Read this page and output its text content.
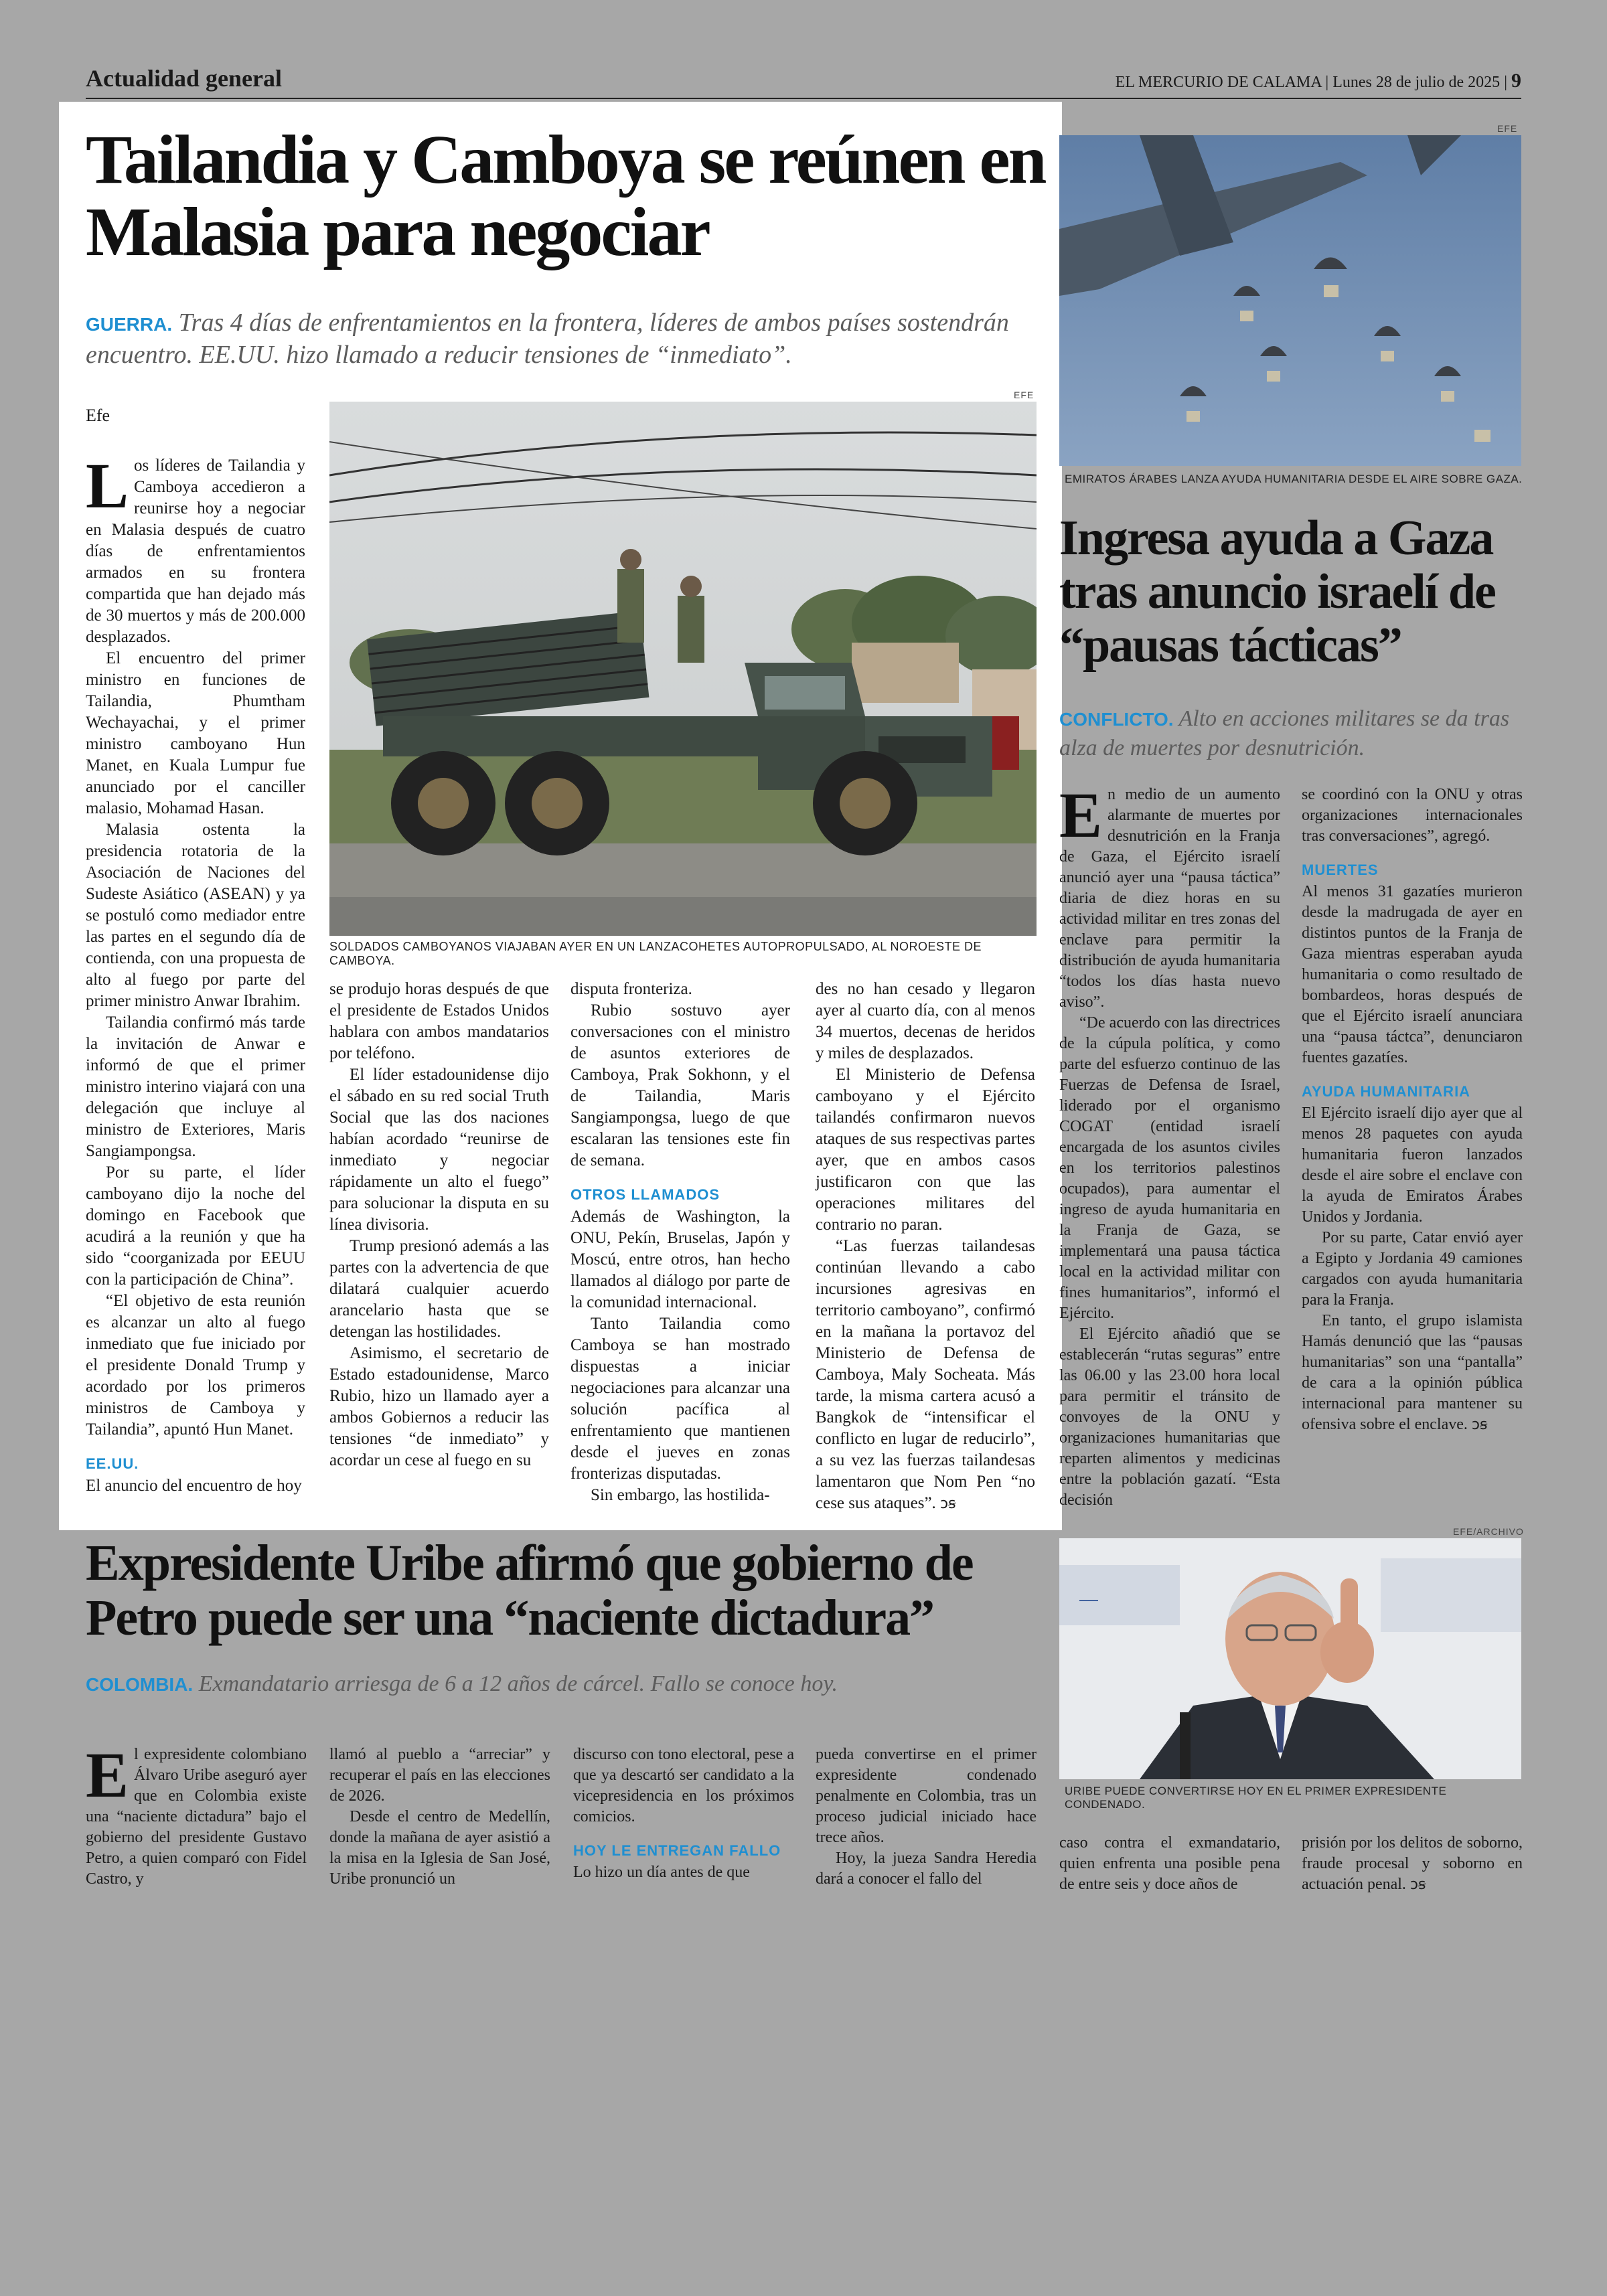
Actualidad general	EL MERCURIO DE CALAMA | Lunes 28 de julio de 2025 | 9
Tailandia y Camboya se reúnen en Malasia para negociar

GUERRA. Tras 4 días de enfrentamientos en la frontera, líderes de ambos países sostendrán encuentro. EE.UU. hizo llamado a reducir tensiones de “inmediato”.

Efe
EFE
SOLDADOS CAMBOYANOS VIAJABAN AYER EN UN LANZACOHETES AUTOPROPULSADO, AL NOROESTE DE CAMBOYA.

Los líderes de Tailandia y Camboya accedieron a reunirse hoy a negociar en Malasia después de cuatro días de enfrentamientos armados en su frontera compartida que han dejado más de 30 muertos y más de 200.000 desplazados.

El encuentro del primer ministro en funciones de Tailandia, Phumtham Wechayachai, y el primer ministro camboyano Hun Manet, en Kuala Lumpur fue anunciado por el canciller malasio, Mohamad Hasan.

Malasia ostenta la presidencia rotatoria de la Asociación de Naciones del Sudeste Asiático (ASEAN) y ya se postuló como mediador entre las partes en el segundo día de contienda, con una propuesta de alto al fuego por parte del primer ministro Anwar Ibrahim.

Tailandia confirmó más tarde la invitación de Anwar e informó de que el primer ministro interino viajará con una delegación que incluye al ministro de Exteriores, Maris Sangiampongsa.

Por su parte, el líder camboyano dijo la noche del domingo en Facebook que acudirá a la reunión y que ha sido “coorganizada por EEUU con la participación de China”.

“El objetivo de esta reunión es alcanzar un alto al fuego inmediato que fue iniciado por el presidente Donald Trump y acordado por los primeros ministros de Camboya y Tailandia”, apuntó Hun Manet.

EE.UU.

El anuncio del encuentro de hoy

se produjo horas después de que el presidente de Estados Unidos hablara con ambos mandatarios por teléfono.

El líder estadounidense dijo el sábado en su red social Truth Social que las dos naciones habían acordado “reunirse de inmediato y negociar rápidamente un alto el fuego” para solucionar la disputa en su línea divisoria.

Trump presionó además a las partes con la advertencia de que dilatará cualquier acuerdo arancelario hasta que se detengan las hostilidades.

Asimismo, el secretario de Estado estadounidense, Marco Rubio, hizo un llamado ayer a ambos Gobiernos a reducir las tensiones “de inmediato” y acordar un cese al fuego en su

disputa fronteriza.

Rubio sostuvo ayer conversaciones con el ministro de asuntos exteriores de Camboya, Prak Sokhonn, y el de Tailandia, Maris Sangiampongsa, luego de que escalaran las tensiones este fin de semana.

OTROS LLAMADOS

Además de Washington, la ONU, Pekín, Bruselas, Japón y Moscú, entre otros, han hecho llamados al diálogo por parte de la comunidad internacional.

Tanto Tailandia como Camboya se han mostrado dispuestas a iniciar negociaciones para alcanzar una solución pacífica al enfrentamiento que mantienen desde el jueves en zonas fronterizas disputadas.

Sin embargo, las hostilida-

des no han cesado y llegaron ayer al cuarto día, con al menos 34 muertos, decenas de heridos y miles de desplazados.

El Ministerio de Defensa camboyano y el Ejército tailandés confirmaron nuevos ataques de sus respectivas partes ayer, que en ambos casos justificaron con que las operaciones militares del contrario no paran.

“Las fuerzas tailandesas continúan llevando a cabo incursiones agresivas en territorio camboyano”, confirmó en la mañana la portavoz del Ministerio de Defensa de Camboya, Maly Socheata. Más tarde, la misma cartera acusó a Bangkok de “intensificar el conflicto en lugar de reducirlo”, a su vez las fuerzas tailandesas lamentaron que Nom Pen “no cese sus ataques”. ↄꞩ

EFE
EMIRATOS ÁRABES LANZA AYUDA HUMANITARIA DESDE EL AIRE SOBRE GAZA.
Ingresa ayuda a Gaza tras anuncio israelí de “pausas tácticas”

CONFLICTO. Alto en acciones militares se da tras alza de muertes por desnutrición.

En medio de un aumento alarmante de muertes por desnutrición en la Franja de Gaza, el Ejército israelí anunció ayer una “pausa táctica” diaria de diez horas en su actividad militar en tres zonas del enclave para permitir la distribución de ayuda humanitaria “todos los días hasta nuevo aviso”.

“De acuerdo con las directrices de la cúpula política, y como parte del esfuerzo continuo de las Fuerzas de Defensa de Israel, liderado por el organismo COGAT (entidad israelí encargada de los asuntos civiles en los territorios palestinos ocupados), para aumentar el ingreso de ayuda humanitaria en la Franja de Gaza, se implementará una pausa táctica local en la actividad militar con fines humanitarios”, informó el Ejército.

El Ejército añadió que se establecerán “rutas seguras” entre las 06.00 y las 23.00 hora local para permitir el tránsito de convoyes de la ONU y organizaciones humanitarias que reparten alimentos y medicinas entre la población gazatí. “Esta decisión

se coordinó con la ONU y otras organizaciones internacionales tras conversaciones”, agregó.

MUERTES

Al menos 31 gazatíes murieron desde la madrugada de ayer en distintos puntos de la Franja de Gaza mientras esperaban ayuda humanitaria o como resultado de bombardeos, horas después de que el Ejército israelí anunciara una “pausa táctca”, denunciaron fuentes gazatíes.

AYUDA HUMANITARIA

El Ejército israelí dijo ayer que al menos 28 paquetes con ayuda humanitaria fueron lanzados desde el aire sobre el enclave con la ayuda de Emiratos Árabes Unidos y Jordania.

Por su parte, Catar envió ayer a Egipto y Jordania 49 camiones cargados con ayuda humanitaria para la Franja.

En tanto, el grupo islamista Hamás denunció que las “pausas humanitarias” son una “pantalla” de cara a la opinión pública internacional para mantener su ofensiva sobre el enclave. ↄꞩ

Expresidente Uribe afirmó que gobierno de Petro puede ser una “naciente dictadura”

COLOMBIA. Exmandatario arriesga de 6 a 12 años de cárcel. Fallo se conoce hoy.

EFE/ARCHIVO
—
URIBE PUEDE CONVERTIRSE HOY EN EL PRIMER EXPRESIDENTE CONDENADO.

El expresidente colombiano Álvaro Uribe aseguró ayer que en Colombia existe una “naciente dictadura” bajo el gobierno del presidente Gustavo Petro, a quien comparó con Fidel Castro, y

llamó al pueblo a “arreciar” y recuperar el país en las elecciones de 2026.

Desde el centro de Medellín, donde la mañana de ayer asistió a la misa en la Iglesia de San José, Uribe pronunció un

discurso con tono electoral, pese a que ya descartó ser candidato a la vicepresidencia en los próximos comicios.

HOY LE ENTREGAN FALLO

Lo hizo un día antes de que

pueda convertirse en el primer expresidente condenado penalmente en Colombia, tras un proceso judicial iniciado hace trece años.

Hoy, la jueza Sandra Heredia dará a conocer el fallo del

caso contra el exmandatario, quien enfrenta una posible pena de entre seis y doce años de

prisión por los delitos de soborno, fraude procesal y soborno en actuación penal. ↄꞩ
